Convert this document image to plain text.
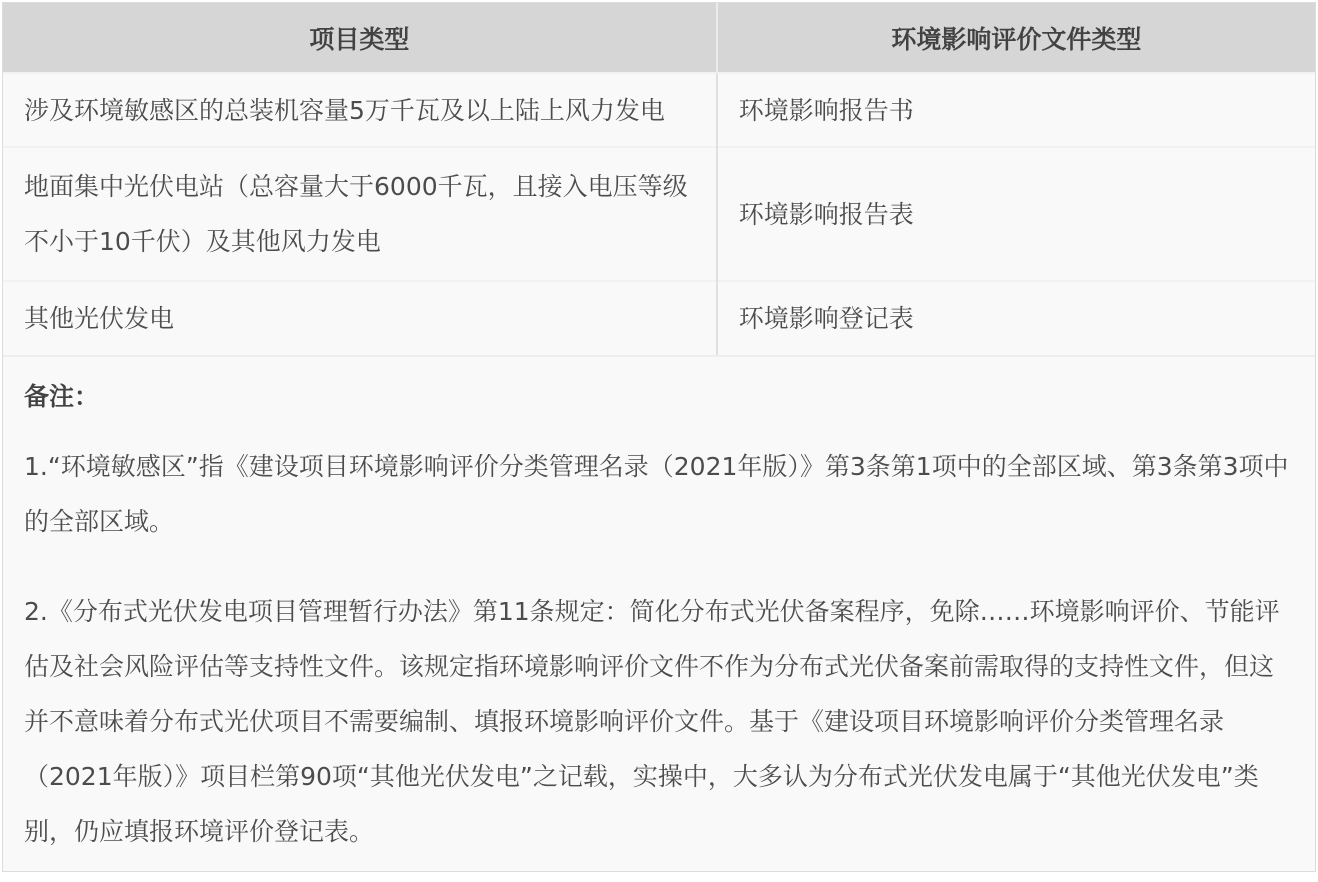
项目类型	环境影响评价文件类型
涉及环境敏感区的总装机容量5万千瓦及以上陆上风力发电	环境影响报告书
地面集中光伏电站（总容量大于6000千瓦，且接入电压等级不小于10千伏）及其他风力发电	环境影响报告表
其他光伏发电	环境影响登记表

备注：

1.“环境敏感区”指《建设项目环境影响评价分类管理名录（2021年版）》第3条第1项中的全部区域、第3条第3项中的全部区域。

2.《分布式光伏发电项目管理暂行办法》第11条规定：简化分布式光伏备案程序，免除……环境影响评价、节能评估及社会风险评估等支持性文件。该规定指环境影响评价文件不作为分布式光伏备案前需取得的支持性文件，但这并不意味着分布式光伏项目不需要编制、填报环境影响评价文件。基于《建设项目环境影响评价分类管理名录（2021年版）》项目栏第90项“其他光伏发电”之记载，实操中，大多认为分布式光伏发电属于“其他光伏发电”类别，仍应填报环境评价登记表。
